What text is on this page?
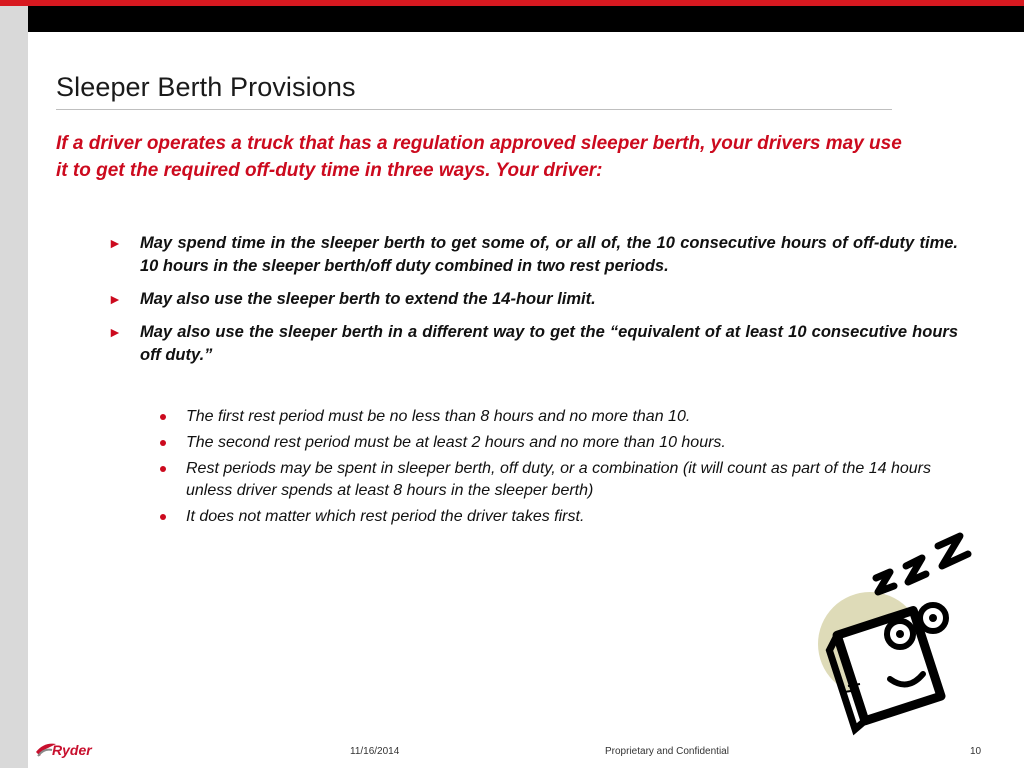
Sleeper Berth Provisions
If a driver operates a truck that has a regulation approved sleeper berth, your drivers may use it to get the required off-duty time in three ways. Your driver:
► May spend time in the sleeper berth to get some of, or all of, the 10 consecutive hours of off-duty time. 10 hours in the sleeper berth/off duty combined in two rest periods.
► May also use the sleeper berth to extend the 14-hour limit.
► May also use the sleeper berth in a different way to get the “equivalent of at least 10 consecutive hours off duty.”
The first rest period must be no less than 8 hours and no more than 10.
The second rest period must be at least 2 hours and no more than 10 hours.
Rest periods may be spent in sleeper berth, off duty, or a combination (it will count as part of the 14 hours unless driver spends at least 8 hours in the sleeper berth)
It does not matter which rest period the driver takes first.
Ryder	11/16/2014	Proprietary and Confidential	10
